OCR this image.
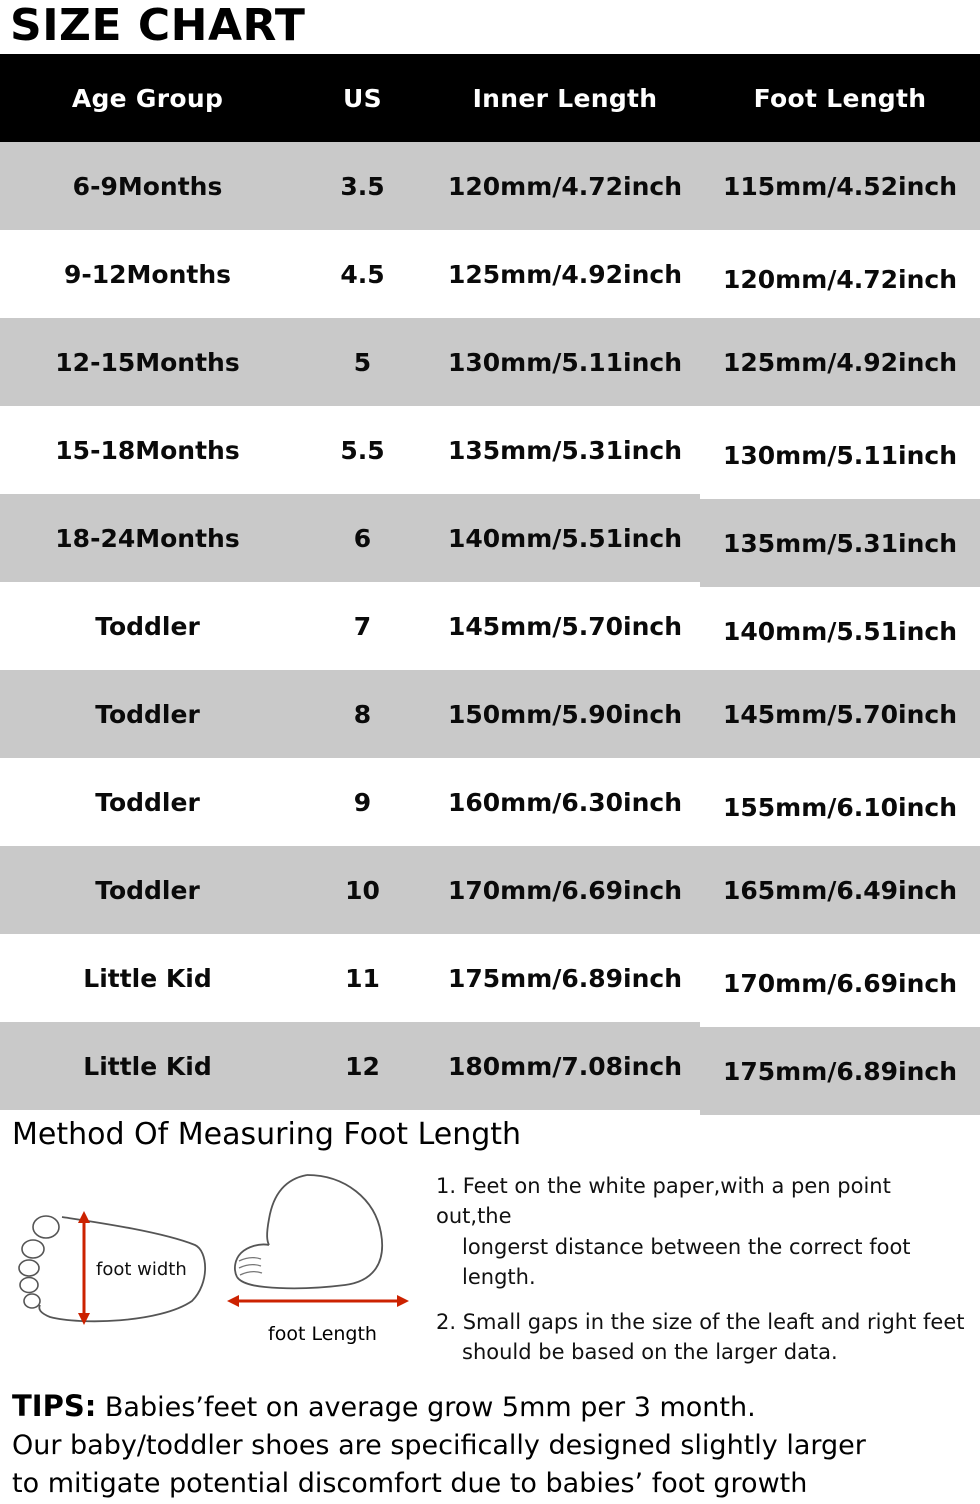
SIZE CHART
Age Group	US	Inner Length	Foot Length
6-9Months	3.5	120mm/4.72inch	115mm/4.52inch
9-12Months	4.5	125mm/4.92inch	120mm/4.72inch
12-15Months	5	130mm/5.11inch	125mm/4.92inch
15-18Months	5.5	135mm/5.31inch	130mm/5.11inch
18-24Months	6	140mm/5.51inch	135mm/5.31inch
Toddler	7	145mm/5.70inch	140mm/5.51inch
Toddler	8	150mm/5.90inch	145mm/5.70inch
Toddler	9	160mm/6.30inch	155mm/6.10inch
Toddler	10	170mm/6.69inch	165mm/6.49inch
Little Kid	11	175mm/6.89inch	170mm/6.69inch
Little Kid	12	180mm/7.08inch	175mm/6.89inch
Method Of Measuring Foot Length
foot width
foot Length

1. Feet on the white paper,with a pen point out,the
longerst distance between the correct foot length.

2. Small gaps in the size of the leaft and right feet
should be based on the larger data.

TIPS: Babies’feet on average grow 5mm per 3 month.
Our baby/toddler shoes are specifically designed slightly larger
to mitigate potential discomfort due to babies’ foot growth
